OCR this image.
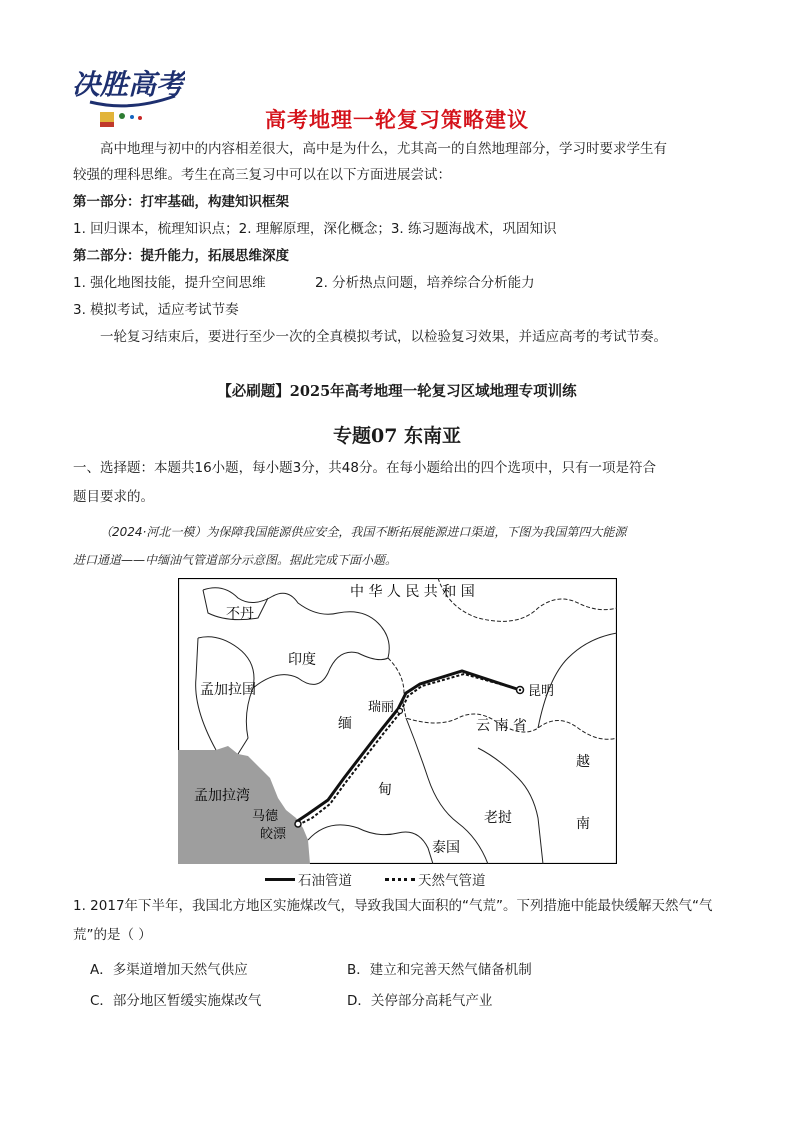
决胜高考
高考地理一轮复习策略建议
高中地理与初中的内容相差很大，高中是为什么，尤其高一的自然地理部分，学习时要求学生有
较强的理科思维。考生在高三复习中可以在以下方面进展尝试：
第一部分：打牢基础，构建知识框架
1. 回归课本，梳理知识点；2. 理解原理，深化概念；3. 练习题海战术，巩固知识
第二部分：提升能力，拓展思维深度
1. 强化地图技能，提升空间思维	2. 分析热点问题，培养综合分析能力
3. 模拟考试，适应考试节奏
一轮复习结束后，要进行至少一次的全真模拟考试，以检验复习效果，并适应高考的考试节奏。
【必刷题】2025年高考地理一轮复习区域地理专项训练
专题07 东南亚
一、选择题：本题共16小题，每小题3分，共48分。在每小题给出的四个选项中，只有一项是符合
题目要求的。
（2024·河北一模）为保障我国能源供应安全，我国不断拓展能源进口渠道，下图为我国第四大能源
进口通道——中缅油气管道部分示意图。据此完成下面小题。
中 华 人 民 共 和 国
不丹
印度
孟加拉国
缅
甸
瑞丽
昆明
云 南 省
越
南
老挝
泰国
孟加拉湾
马德
皎漂
石油管道	天然气管道
1. 2017年下半年，我国北方地区实施煤改气，导致我国大面积的“气荒”。下列措施中能最快缓解天然气“气
荒”的是（ ）
A．多渠道增加天然气供应	B．建立和完善天然气储备机制
C．部分地区暂缓实施煤改气	D．关停部分高耗气产业
